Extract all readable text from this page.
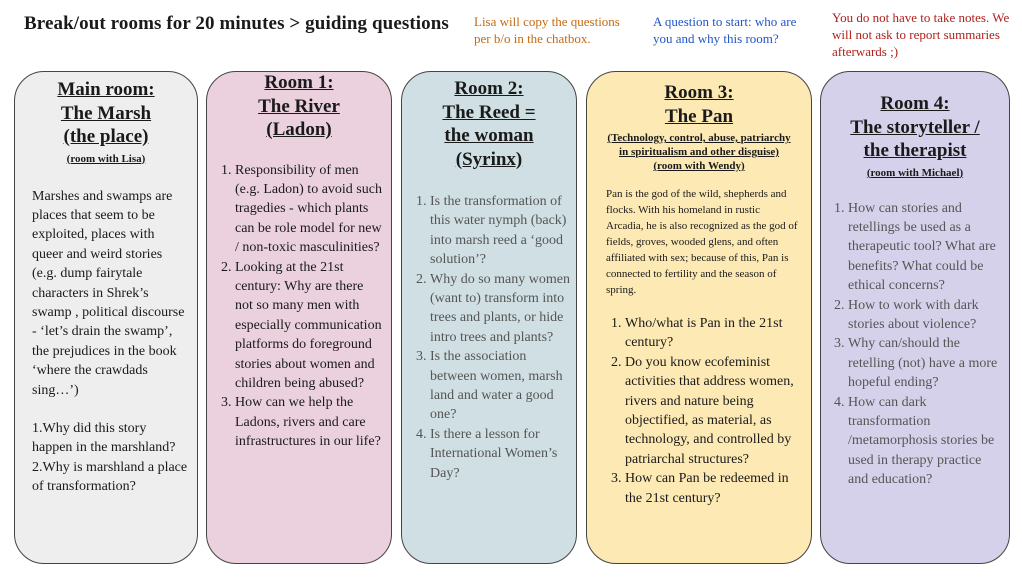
Break/out rooms for 20 minutes > guiding questions Lisa will copy the questions per b/o in the chatbox.
A question to start: who are you and why this room?
You do not have to take notes. We will not ask to report summaries afterwards ;)
Main room:
The Marsh
(the place)
(room with Lisa)
Marshes and swamps are places that seem to be exploited, places with queer and weird stories (e.g. dump fairytale characters in Shrek’s swamp , political discourse - ‘let’s drain the swamp’, the prejudices in the book ‘where the crawdads sing…’)
1.Why did this story happen in the marshland?
2.Why is marshland a place of transformation?
Room 1:
The River
(Ladon)
1. Responsibility of men (e.g. Ladon) to avoid such tragedies - which plants can be role model for new / non-toxic masculinities?
2. Looking at the 21st century: Why are there not so many men with especially communication platforms do foreground stories about women and children being abused?
3. How can we help the Ladons, rivers and care infrastructures in our life?
Room 2:
The Reed =
the woman
(Syrinx)
1. Is the transformation of this water nymph (back) into marsh reed a ‘good solution’?
2. Why do so many women (want to) transform into trees and plants, or hide intro trees and plants?
3. Is the association between women, marsh land and water a good one?
4. Is there a lesson for International Women’s Day?
Room 3:
The Pan
(Technology, control, abuse, patriarchy in spiritualism and other disguise) (room with Wendy)
Pan is the god of the wild, shepherds and flocks. With his homeland in rustic Arcadia, he is also recognized as the god of fields, groves, wooded glens, and often affiliated with sex; because of this, Pan is connected to fertility and the season of spring.
1. Who/what is Pan in the 21st century?
2. Do you know ecofeminist activities that address women, rivers and nature being objectified, as material, as technology, and controlled by patriarchal structures?
3. How can Pan be redeemed in the 21st century?
Room 4:
The storyteller /
the therapist
(room with Michael)
1. How can stories and retellings be used as a therapeutic tool? What are benefits? What could be ethical concerns?
2. How to work with dark stories about violence?
3. Why can/should the retelling (not) have a more hopeful ending?
4. How can dark transformation /metamorphosis stories be used in therapy practice and education?
